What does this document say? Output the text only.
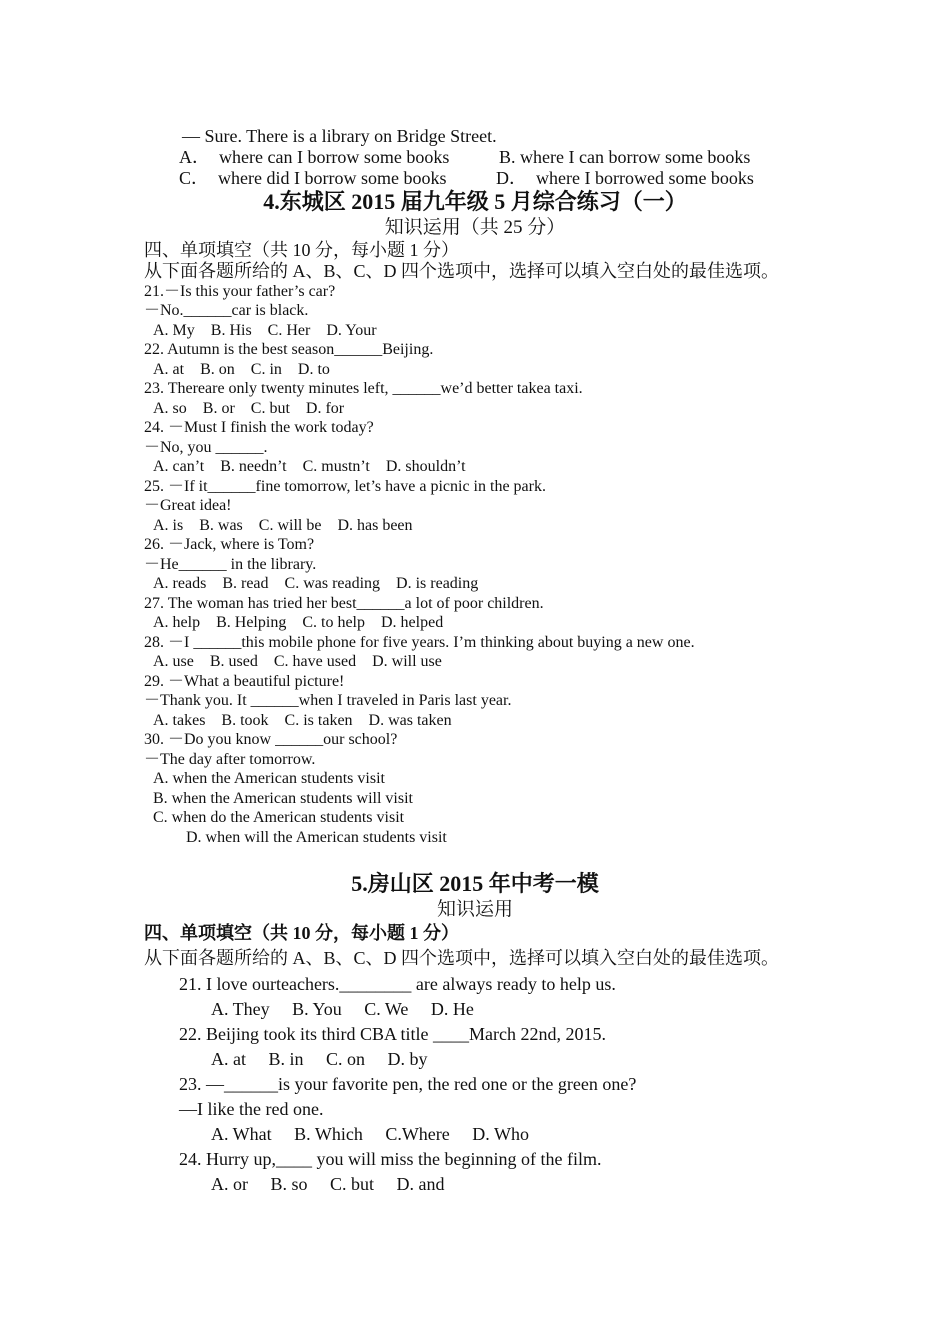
— Sure. There is a library on Bridge Street.
A．  where can I borrow some books	B. where I can borrow some books
C．  where did I borrow some books	D．  where I borrowed some books
4.东城区 2015 届九年级 5 月综合练习（一）
知识运用（共 25 分）
四、单项填空（共 10 分，每小题 1 分）
从下面各题所给的 A、B、C、D 四个选项中，选择可以填入空白处的最佳选项。
21.－Is this your father’s car?
－No.______car is black.
A. My    B. His    C. Her    D. Your
22. Autumn is the best season______Beijing.
A. at    B. on    C. in    D. to
23. Thereare only twenty minutes left, ______we’d better takea taxi.
A. so    B. or    C. but    D. for
24. －Must I finish the work today?
－No, you ______.
A. can’t    B. needn’t    C. mustn’t    D. shouldn’t
25. －If it______fine tomorrow, let’s have a picnic in the park.
－Great idea!
A. is    B. was    C. will be    D. has been
26. －Jack, where is Tom?
－He______ in the library.
A. reads    B. read    C. was reading    D. is reading
27. The woman has tried her best______a lot of poor children.
A. help    B. Helping    C. to help    D. helped
28. －I ______this mobile phone for five years. I’m thinking about buying a new one.
A. use    B. used    C. have used    D. will use
29. －What a beautiful picture!
－Thank you. It ______when I traveled in Paris last year.
A. takes    B. took    C. is taken    D. was taken
30. －Do you know ______our school?
－The day after tomorrow.
A. when the American students visit
B. when the American students will visit
C. when do the American students visit
D. when will the American students visit
5.房山区 2015 年中考一模
知识运用
四、单项填空（共 10 分，每小题 1 分）
从下面各题所给的 A、B、C、D 四个选项中，选择可以填入空白处的最佳选项。
21. I love ourteachers.________ are always ready to help us.
A. They     B. You     C. We     D. He
22. Beijing took its third CBA title ____March 22nd, 2015.
A. at     B. in     C. on     D. by
23. —______is your favorite pen, the red one or the green one?
—I like the red one.
A. What     B. Which     C.Where     D. Who
24. Hurry up,____ you will miss the beginning of the film.
A. or     B. so     C. but     D. and
